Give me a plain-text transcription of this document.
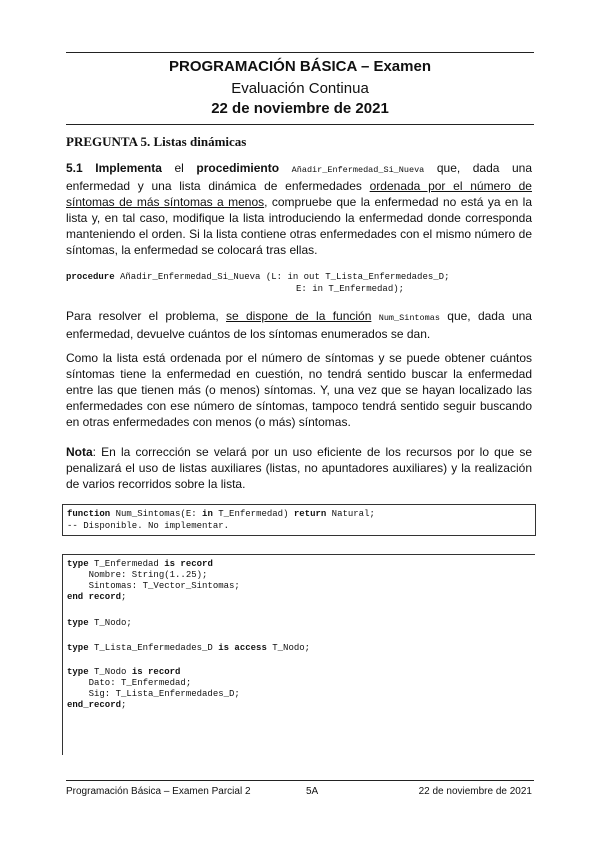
PROGRAMACIÓN BÁSICA – Examen
Evaluación Continua
22 de noviembre de 2021
PREGUNTA 5. Listas dinámicas
5.1 Implementa el procedimiento Añadir_Enfermedad_Si_Nueva que, dada una enfermedad y una lista dinámica de enfermedades ordenada por el número de síntomas de más síntomas a menos, compruebe que la enfermedad no está ya en la lista y, en tal caso, modifique la lista introduciendo la enfermedad donde corresponda manteniendo el orden. Si la lista contiene otras enfermedades con el mismo número de síntomas, la enfermedad se colocará tras ellas.
procedure Añadir_Enfermedad_Si_Nueva (L: in out T_Lista_Enfermedades_D;
E: in T_Enfermedad);
Para resolver el problema, se dispone de la función Num_Sintomas que, dada una enfermedad, devuelve cuántos de los síntomas enumerados se dan.
Como la lista está ordenada por el número de síntomas y se puede obtener cuántos síntomas tiene la enfermedad en cuestión, no tendrá sentido buscar la enfermedad entre las que tienen más (o menos) síntomas. Y, una vez que se hayan localizado las enfermedades con ese número de síntomas, tampoco tendrá sentido seguir buscando en otras enfermedades con menos (o más) síntomas.
Nota: En la corrección se velará por un uso eficiente de los recursos por lo que se penalizará el uso de listas auxiliares (listas, no apuntadores auxiliares) y la realización de varios recorridos sobre la lista.
function Num_Sintomas(E: in T_Enfermedad) return Natural;
-- Disponible. No implementar.
type T_Enfermedad is record
Nombre: String(1..25);
Sintomas: T_Vector_Sintomas;
end record;
type T_Nodo;
type T_Lista_Enfermedades_D is access T_Nodo;
type T_Nodo is record
Dato: T_Enfermedad;
Sig: T_Lista_Enfermedades_D;
end_record;
Programación Básica – Examen Parcial 2	5A	22 de noviembre de 2021
